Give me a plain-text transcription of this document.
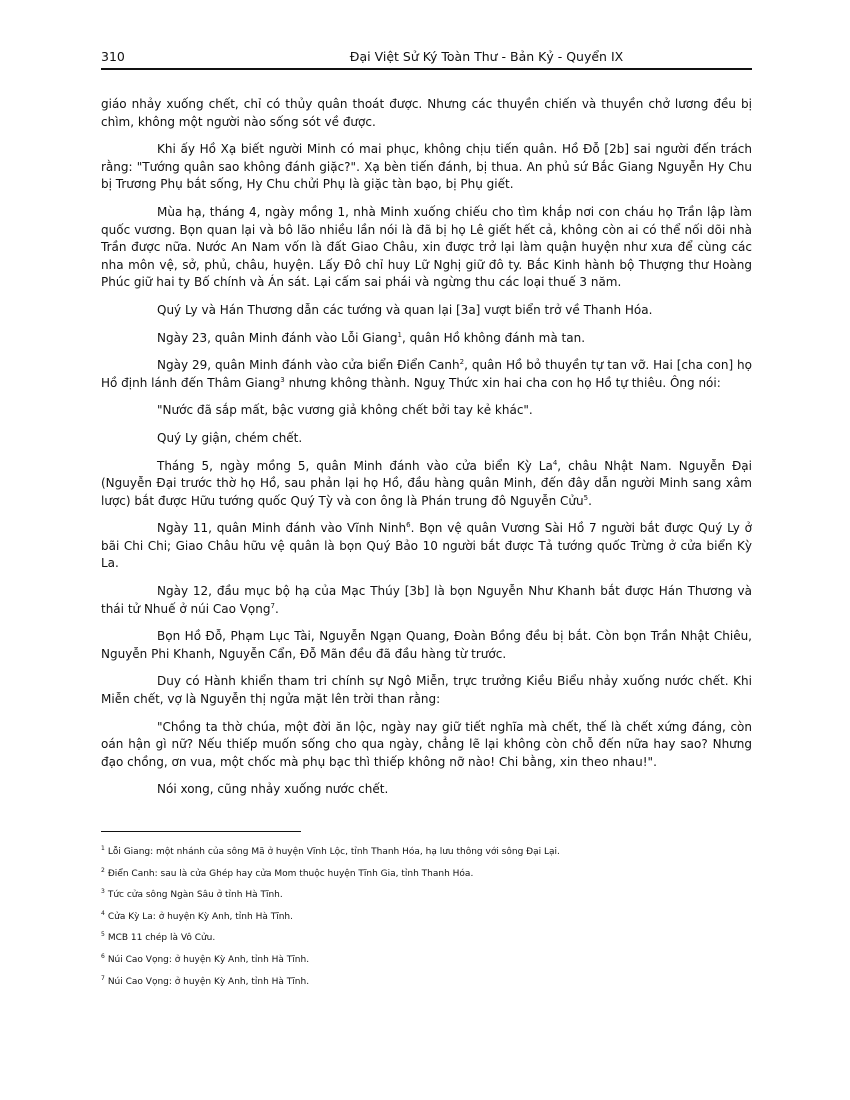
310	Đại Việt Sử Ký Toàn Thư - Bản Kỷ - Quyển IX

giáo nhảy xuống chết, chỉ có thủy quân thoát được. Nhưng các thuyền chiến và thuyền chở lương đều bị chìm, không một người nào sống sót về được.

Khi ấy Hồ Xạ biết người Minh có mai phục, không chịu tiến quân. Hồ Đỗ [2b] sai người đến trách rằng: "Tướng quân sao không đánh giặc?". Xạ bèn tiến đánh, bị thua. An phủ sứ Bắc Giang Nguyễn Hy Chu bị Trương Phụ bắt sống, Hy Chu chửi Phụ là giặc tàn bạo, bị Phụ giết.

Mùa hạ, tháng 4, ngày mồng 1, nhà Minh xuống chiếu cho tìm khắp nơi con cháu họ Trần lập làm quốc vương. Bọn quan lại và bô lão nhiều lần nói là đã bị họ Lê giết hết cả, không còn ai có thể nối dõi nhà Trần được nữa. Nước An Nam vốn là đất Giao Châu, xin được trở lại làm quận huyện như xưa để cùng các nha môn vệ, sở, phủ, châu, huyện. Lấy Đô chỉ huy Lữ Nghị giữ đô ty. Bắc Kinh hành bộ Thượng thư Hoàng Phúc giữ hai ty Bố chính và Án sát. Lại cấm sai phái và ngừng thu các loại thuế 3 năm.

Quý Ly và Hán Thương dẫn các tướng và quan lại [3a] vượt biển trở về Thanh Hóa.

Ngày 23, quân Minh đánh vào Lỗi Giang$^1$, quân Hồ không đánh mà tan.

Ngày 29, quân Minh đánh vào cửa biển Điển Canh$^2$, quân Hồ bỏ thuyền tự tan vỡ. Hai [cha con] họ Hồ định lánh đến Thâm Giang$^3$ nhưng không thành. Nguỵ Thức xin hai cha con họ Hồ tự thiêu. Ông nói:

"Nước đã sắp mất, bậc vương giả không chết bởi tay kẻ khác".

Quý Ly giận, chém chết.

Tháng 5, ngày mồng 5, quân Minh đánh vào cửa biển Kỳ La$^4$, châu Nhật Nam. Nguyễn Đại (Nguyễn Đại trước thờ họ Hồ, sau phản lại họ Hồ, đầu hàng quân Minh, đến đây dẫn người Minh sang xâm lược) bắt được Hữu tướng quốc Quý Tỳ và con ông là Phán trung đô Nguyễn Cửu$^5$.

Ngày 11, quân Minh đánh vào Vĩnh Ninh$^6$. Bọn vệ quân Vương Sài Hồ 7 người bắt được Quý Ly ở bãi Chi Chi; Giao Châu hữu vệ quân là bọn Quý Bảo 10 người bắt được Tả tướng quốc Trừng ở cửa biển Kỳ La.

Ngày 12, đầu mục bộ hạ của Mạc Thúy [3b] là bọn Nguyễn Như Khanh bắt được Hán Thương và thái tử Nhuế ở núi Cao Vọng$^7$.

Bọn Hồ Đỗ, Phạm Lục Tài, Nguyễn Ngạn Quang, Đoàn Bồng đều bị bắt. Còn bọn Trần Nhật Chiêu, Nguyễn Phi Khanh, Nguyễn Cẩn, Đỗ Mãn đều đã đầu hàng từ trước.

Duy có Hành khiển tham tri chính sự Ngô Miễn, trực trưởng Kiều Biểu nhảy xuống nước chết. Khi Miễn chết, vợ là Nguyễn thị ngửa mặt lên trời than rằng:

"Chồng ta thờ chúa, một đời ăn lộc, ngày nay giữ tiết nghĩa mà chết, thế là chết xứng đáng, còn oán hận gì nữ? Nếu thiếp muốn sống cho qua ngày, chẳng lẽ lại không còn chỗ đến nữa hay sao? Nhưng đạo chồng, ơn vua, một chốc mà phụ bạc thì thiếp không nỡ nào! Chi bằng, xin theo nhau!".

Nói xong, cũng nhảy xuống nước chết.

$^1$ Lỗi Giang: một nhánh của sông Mã ở huyện Vĩnh Lộc, tỉnh Thanh Hóa, hạ lưu thông với sông Đại Lại.

$^2$ Điển Canh: sau là cửa Ghép hay cửa Mom thuộc huyện Tĩnh Gia, tỉnh Thanh Hóa.

$^3$ Tức cửa sông Ngàn Sâu ở tỉnh Hà Tĩnh.

$^4$ Cửa Kỳ La: ở huyện Kỳ Anh, tỉnh Hà Tĩnh.

$^5$ MCB 11 chép là Vô Cửu.

$^6$ Núi Cao Vọng: ở huyện Kỳ Anh, tỉnh Hà Tĩnh.

$^7$ Núi Cao Vọng: ở huyện Kỳ Anh, tỉnh Hà Tĩnh.
